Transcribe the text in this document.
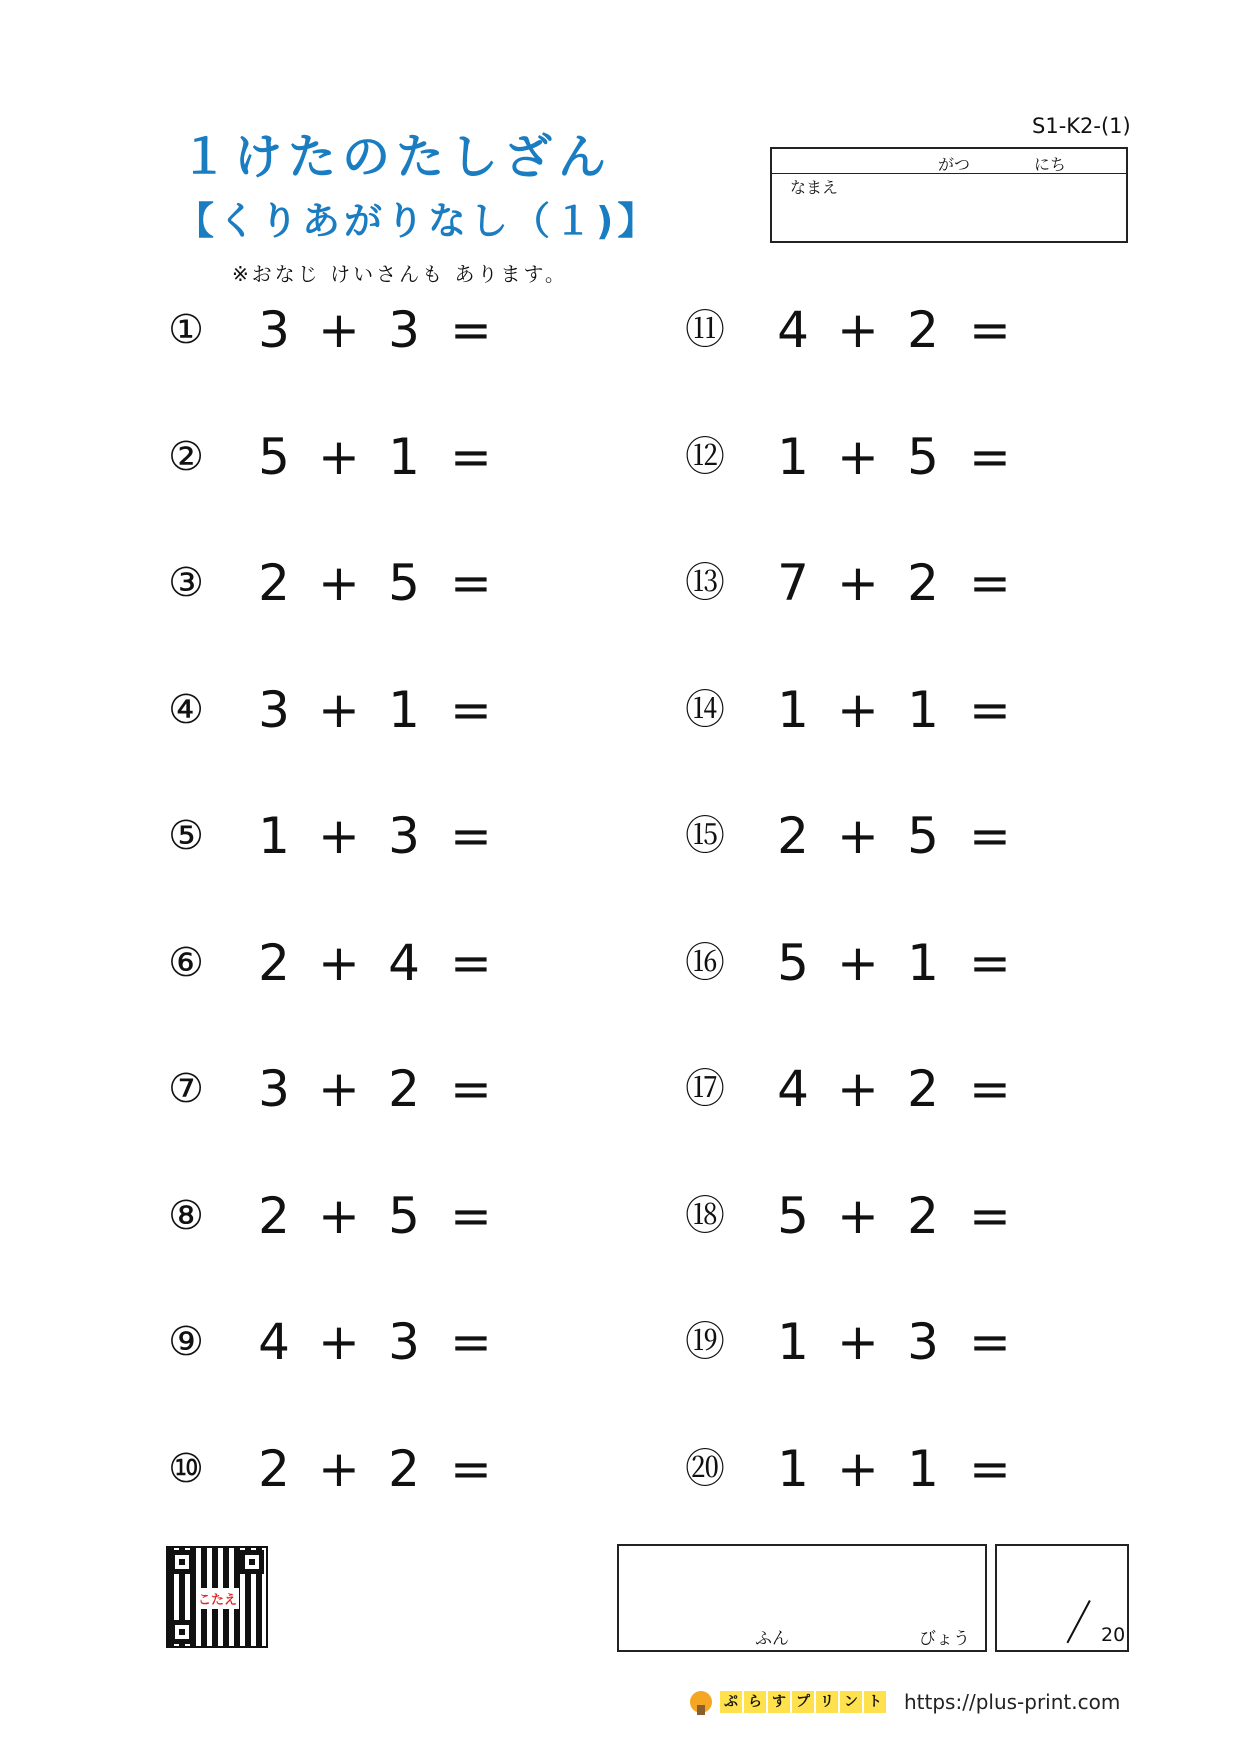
１けたのたしざん
【くりあがりなし（１)】
※おなじ けいさんも あります。
S1-K2-(1)
がつ	にち
なまえ
① 3 + 3 =
② 5 + 1 =
③ 2 + 5 =
④ 3 + 1 =
⑤ 1 + 3 =
⑥ 2 + 4 =
⑦ 3 + 2 =
⑧ 2 + 5 =
⑨ 4 + 3 =
⑩ 2 + 2 =
⑪ 4 + 2 =
⑫ 1 + 5 =
⑬ 7 + 2 =
⑭ 1 + 1 =
⑮ 2 + 5 =
⑯ 5 + 1 =
⑰ 4 + 2 =
⑱ 5 + 2 =
⑲ 1 + 3 =
⑳ 1 + 1 =
こたえ
ふん	びょう	20
ぷ ら す プ リ ン ト https://plus-print.com
